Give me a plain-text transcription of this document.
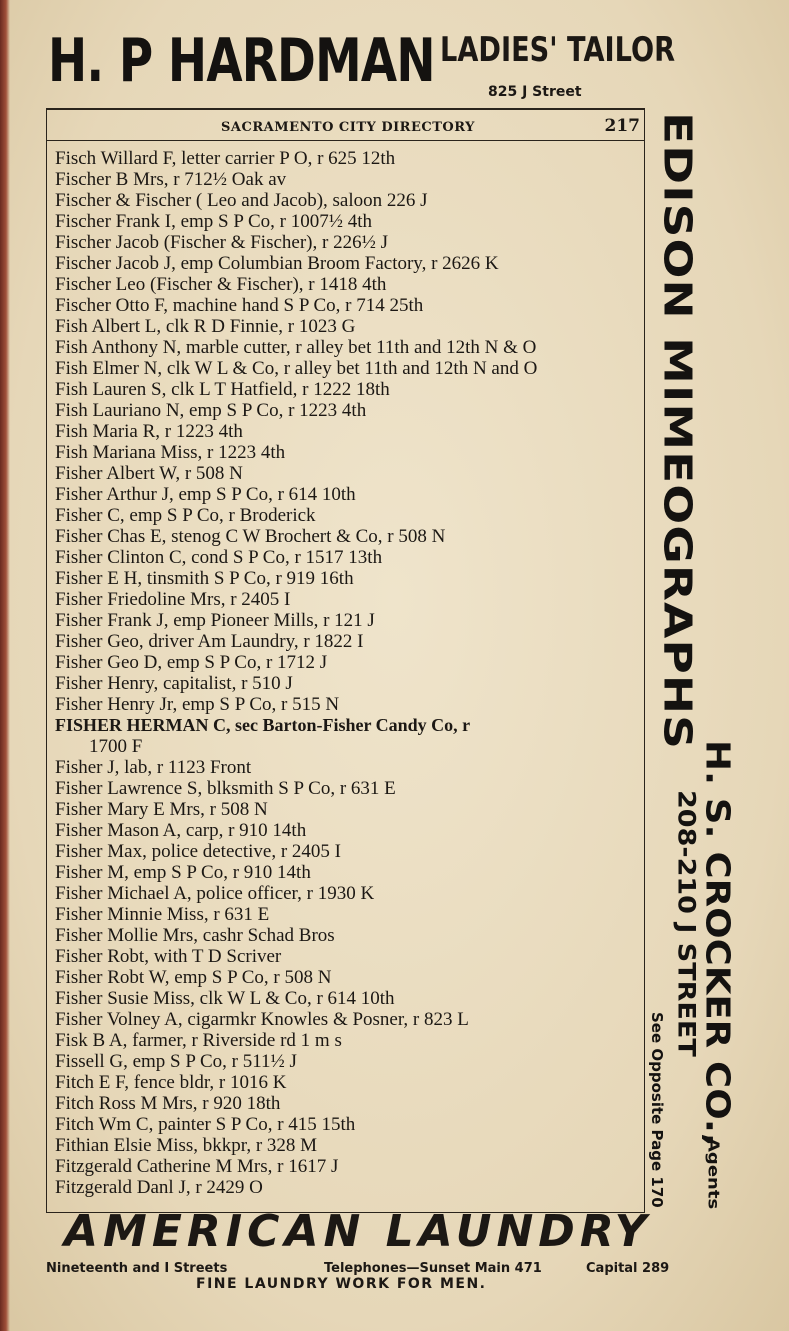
H. P HARDMAN LADIES' TAILOR
825 J Street
SACRAMENTO CITY DIRECTORY	217
Fisch Willard F, letter carrier P O, r 625 12th
Fischer B Mrs, r 712½ Oak av
Fischer & Fischer ( Leo and Jacob), saloon 226 J
Fischer Frank I, emp S P Co, r 1007½ 4th
Fischer Jacob (Fischer & Fischer), r 226½ J
Fischer Jacob J, emp Columbian Broom Factory, r 2626 K
Fischer Leo (Fischer & Fischer), r 1418 4th
Fischer Otto F, machine hand S P Co, r 714 25th
Fish Albert L, clk R D Finnie, r 1023 G
Fish Anthony N, marble cutter, r alley bet 11th and 12th N & O
Fish Elmer N, clk W L & Co, r alley bet 11th and 12th N and O
Fish Lauren S, clk L T Hatfield, r 1222 18th
Fish Lauriano N, emp S P Co, r 1223 4th
Fish Maria R, r 1223 4th
Fish Mariana Miss, r 1223 4th
Fisher Albert W, r 508 N
Fisher Arthur J, emp S P Co, r 614 10th
Fisher C, emp S P Co, r Broderick
Fisher Chas E, stenog C W Brochert & Co, r 508 N
Fisher Clinton C, cond S P Co, r 1517 13th
Fisher E H, tinsmith S P Co, r 919 16th
Fisher Friedoline Mrs, r 2405 I
Fisher Frank J, emp Pioneer Mills, r 121 J
Fisher Geo, driver Am Laundry, r 1822 I
Fisher Geo D, emp S P Co, r 1712 J
Fisher Henry, capitalist, r 510 J
Fisher Henry Jr, emp S P Co, r 515 N
FISHER HERMAN C, sec Barton-Fisher Candy Co, r
1700 F
Fisher J, lab, r 1123 Front
Fisher Lawrence S, blksmith S P Co, r 631 E
Fisher Mary E Mrs, r 508 N
Fisher Mason A, carp, r 910 14th
Fisher Max, police detective, r 2405 I
Fisher M, emp S P Co, r 910 14th
Fisher Michael A, police officer, r 1930 K
Fisher Minnie Miss, r 631 E
Fisher Mollie Mrs, cashr Schad Bros
Fisher Robt, with T D Scriver
Fisher Robt W, emp S P Co, r 508 N
Fisher Susie Miss, clk W L & Co, r 614 10th
Fisher Volney A, cigarmkr Knowles & Posner, r 823 L
Fisk B A, farmer, r Riverside rd 1 m s
Fissell G, emp S P Co, r 511½ J
Fitch E F, fence bldr, r 1016 K
Fitch Ross M Mrs, r 920 18th
Fitch Wm C, painter S P Co, r 415 15th
Fithian Elsie Miss, bkkpr, r 328 M
Fitzgerald Catherine M Mrs, r 1617 J
Fitzgerald Danl J, r 2429 O
EDISON MIMEOGRAPHS
H. S. CROCKER CO.,
208-210 J STREET
See Opposite Page 170 Agents
AMERICAN LAUNDRY
Nineteenth and I Streets	Telephones—Sunset Main 471	Capital 289
FINE LAUNDRY WORK FOR MEN.
